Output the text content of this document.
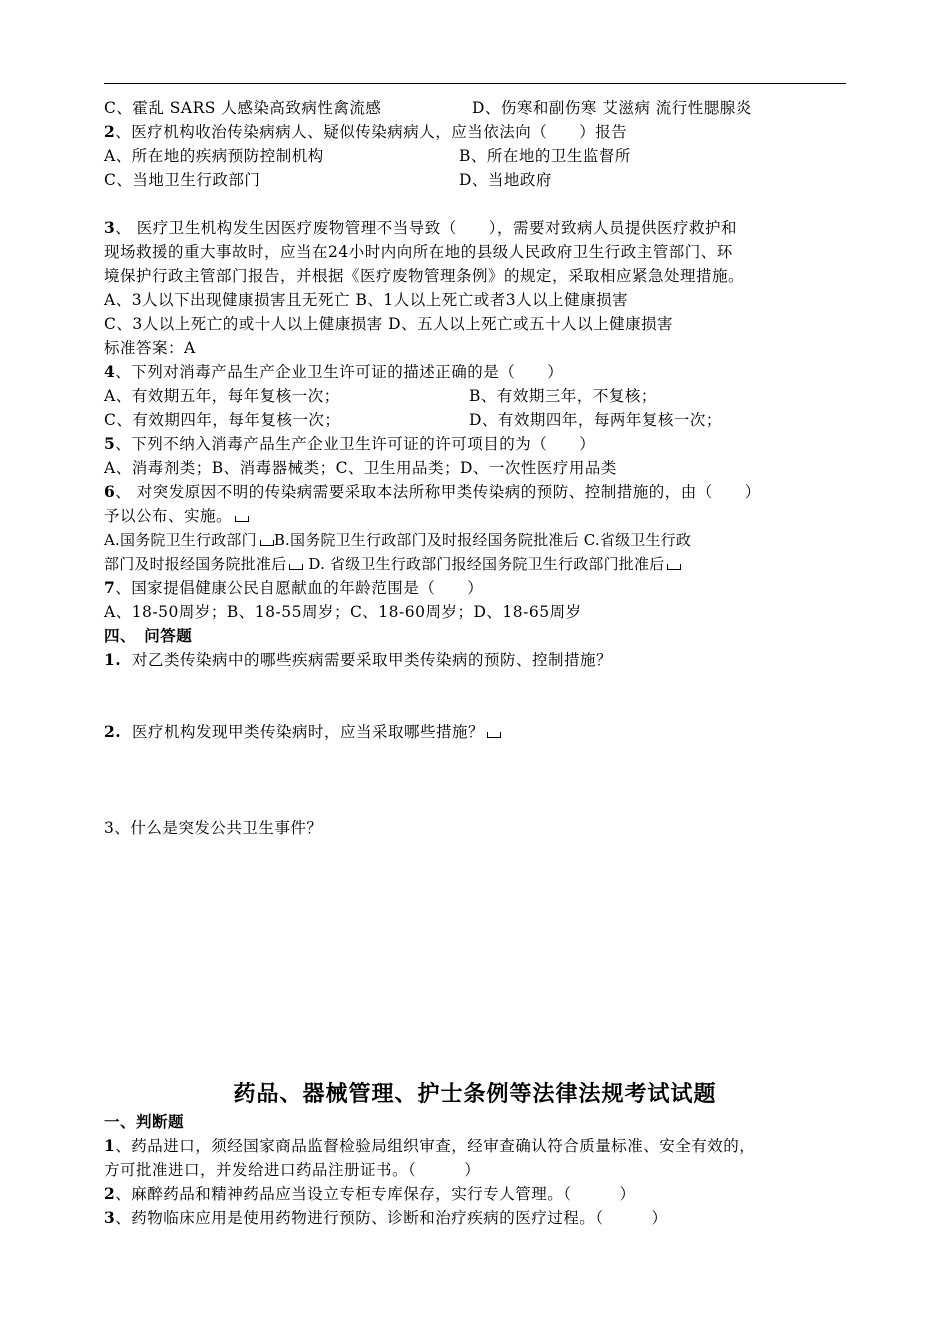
C、霍乱 SARS 人感染高致病性禽流感	D、伤寒和副伤寒 艾滋病 流行性腮腺炎
2、医疗机构收治传染病病人、疑似传染病病人，应当依法向（　　）报告
A、所在地的疾病预防控制机构	B、所在地的卫生监督所
C、当地卫生行政部门	D、当地政府
3、 医疗卫生机构发生因医疗废物管理不当导致（　　），需要对致病人员提供医疗救护和
现场救援的重大事故时，应当在24小时内向所在地的县级人民政府卫生行政主管部门、环
境保护行政主管部门报告，并根据《医疗废物管理条例》的规定，采取相应紧急处理措施。
A、3人以下出现健康损害且无死亡 B、1人以上死亡或者3人以上健康损害
C、3人以上死亡的或十人以上健康损害 D、五人以上死亡或五十人以上健康损害
标准答案：A
4、下列对消毒产品生产企业卫生许可证的描述正确的是（　　）
A、有效期五年，每年复核一次；	B、有效期三年，不复核；
C、有效期四年，每年复核一次；	D、有效期四年，每两年复核一次；
5、下列不纳入消毒产品生产企业卫生许可证的许可项目的为（　　）
A、消毒剂类；B、消毒器械类；C、卫生用品类；D、一次性医疗用品类
6、 对突发原因不明的传染病需要采取本法所称甲类传染病的预防、控制措施的，由（　　）
予以公布、实施。
A.国务院卫生行政部门 B.国务院卫生行政部门及时报经国务院批准后 C.省级卫生行政
部门及时报经国务院批准后 D. 省级卫生行政部门报经国务院卫生行政部门批准后
7、国家提倡健康公民自愿献血的年龄范围是（　　）
A、18-50周岁；B、18-55周岁；C、18-60周岁；D、18-65周岁
四、　问答题
1.  对乙类传染病中的哪些疾病需要采取甲类传染病的预防、控制措施？
2.  医疗机构发现甲类传染病时，应当采取哪些措施？
3、什么是突发公共卫生事件？
药品、器械管理、护士条例等法律法规考试试题
一、判断题
1、药品进口，须经国家商品监督检验局组织审查，经审查确认符合质量标准、安全有效的，
方可批准进口，并发给进口药品注册证书。（　　　）
2、麻醉药品和精神药品应当设立专柜专库保存，实行专人管理。（　　　）
3、药物临床应用是使用药物进行预防、诊断和治疗疾病的医疗过程。（　　　）
